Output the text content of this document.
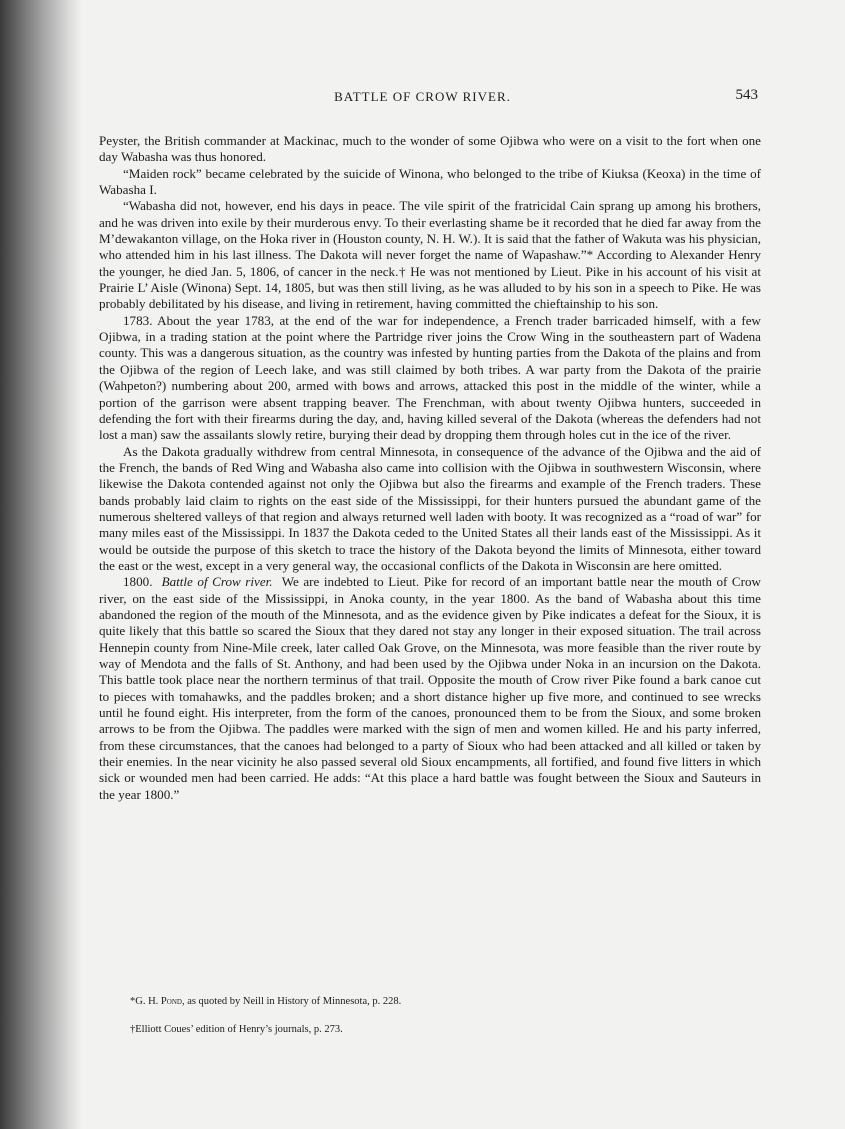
BATTLE OF CROW RIVER.	543

Peyster, the British commander at Mackinac, much to the wonder of some Ojibwa who were on a visit to the fort when one day Wabasha was thus honored.

“Maiden rock” became celebrated by the suicide of Winona, who belonged to the tribe of Kiuksa (Keoxa) in the time of Wabasha I.

“Wabasha did not, however, end his days in peace. The vile spirit of the fratricidal Cain sprang up among his brothers, and he was driven into exile by their murderous envy. To their everlasting shame be it recorded that he died far away from the M’dewakanton village, on the Hoka river in (Houston county, N. H. W.). It is said that the father of Wakuta was his physician, who attended him in his last illness. The Dakota will never forget the name of Wapashaw.”* According to Alexander Henry the younger, he died Jan. 5, 1806, of cancer in the neck.† He was not mentioned by Lieut. Pike in his account of his visit at Prairie L’ Aisle (Winona) Sept. 14, 1805, but was then still living, as he was alluded to by his son in a speech to Pike. He was probably debilitated by his disease, and living in retirement, having committed the chieftainship to his son.

1783. About the year 1783, at the end of the war for independence, a French trader barricaded himself, with a few Ojibwa, in a trading station at the point where the Partridge river joins the Crow Wing in the southeastern part of Wadena county. This was a dangerous situation, as the country was infested by hunting parties from the Dakota of the plains and from the Ojibwa of the region of Leech lake, and was still claimed by both tribes. A war party from the Dakota of the prairie (Wahpeton?) numbering about 200, armed with bows and arrows, attacked this post in the middle of the winter, while a portion of the garrison were absent trapping beaver. The Frenchman, with about twenty Ojibwa hunters, succeeded in defending the fort with their firearms during the day, and, having killed several of the Dakota (whereas the defenders had not lost a man) saw the assailants slowly retire, burying their dead by dropping them through holes cut in the ice of the river.

As the Dakota gradually withdrew from central Minnesota, in consequence of the advance of the Ojibwa and the aid of the French, the bands of Red Wing and Wabasha also came into collision with the Ojibwa in southwestern Wisconsin, where likewise the Dakota contended against not only the Ojibwa but also the firearms and example of the French traders. These bands probably laid claim to rights on the east side of the Mississippi, for their hunters pursued the abundant game of the numerous sheltered valleys of that region and always returned well laden with booty. It was recognized as a “road of war” for many miles east of the Mississippi. In 1837 the Dakota ceded to the United States all their lands east of the Mississippi. As it would be outside the purpose of this sketch to trace the history of the Dakota beyond the limits of Minnesota, either toward the east or the west, except in a very general way, the occasional conflicts of the Dakota in Wisconsin are here omitted.

1800. Battle of Crow river. We are indebted to Lieut. Pike for record of an important battle near the mouth of Crow river, on the east side of the Mississippi, in Anoka county, in the year 1800. As the band of Wabasha about this time abandoned the region of the mouth of the Minnesota, and as the evidence given by Pike indicates a defeat for the Sioux, it is quite likely that this battle so scared the Sioux that they dared not stay any longer in their exposed situation. The trail across Hennepin county from Nine-Mile creek, later called Oak Grove, on the Minnesota, was more feasible than the river route by way of Mendota and the falls of St. Anthony, and had been used by the Ojibwa under Noka in an incursion on the Dakota. This battle took place near the northern terminus of that trail. Opposite the mouth of Crow river Pike found a bark canoe cut to pieces with tomahawks, and the paddles broken; and a short distance higher up five more, and continued to see wrecks until he found eight. His interpreter, from the form of the canoes, pronounced them to be from the Sioux, and some broken arrows to be from the Ojibwa. The paddles were marked with the sign of men and women killed. He and his party inferred, from these circumstances, that the canoes had belonged to a party of Sioux who had been attacked and all killed or taken by their enemies. In the near vicinity he also passed several old Sioux encampments, all fortified, and found five litters in which sick or wounded men had been carried. He adds: “At this place a hard battle was fought between the Sioux and Sauteurs in the year 1800.”

*G. H. Pond, as quoted by Neill in History of Minnesota, p. 228.

†Elliott Coues’ edition of Henry’s journals, p. 273.
